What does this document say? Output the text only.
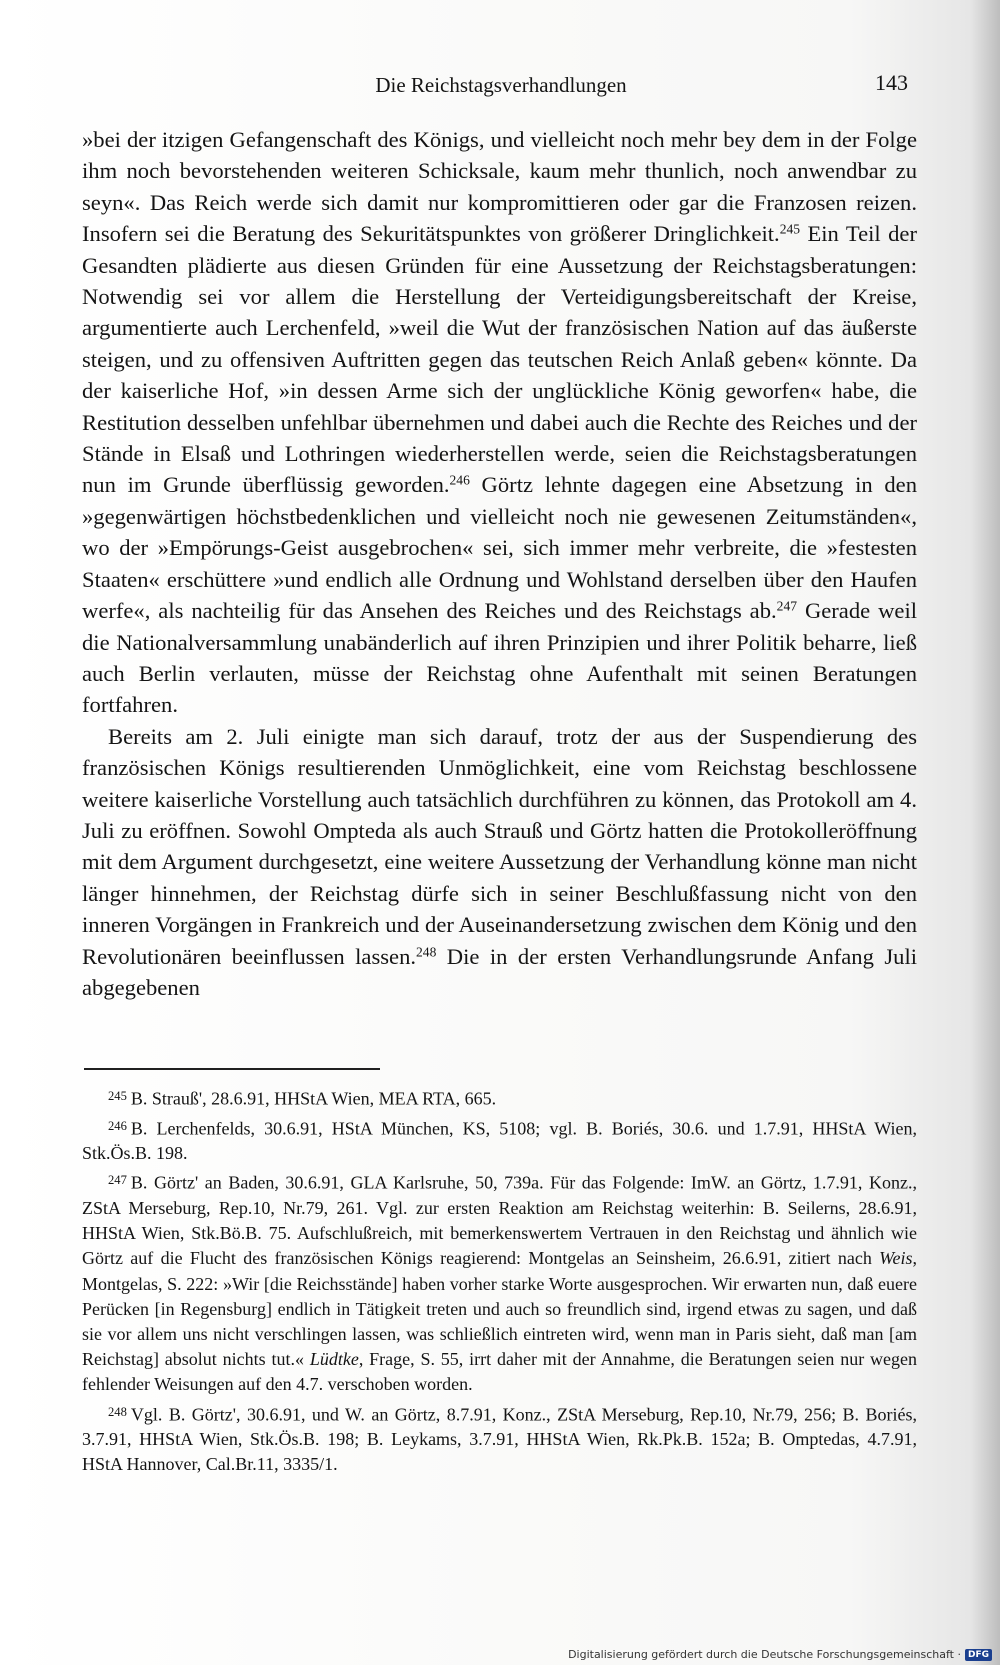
Die Reichstagsverhandlungen	143

»bei der itzigen Gefangenschaft des Königs, und vielleicht noch mehr bey dem in der Folge ihm noch bevorstehenden weiteren Schicksale, kaum mehr thunlich, noch anwendbar zu seyn«. Das Reich werde sich damit nur kompromittieren oder gar die Franzosen reizen. Insofern sei die Beratung des Sekuritätspunktes von größerer Dringlichkeit.$^{245}$ Ein Teil der Gesandten plädierte aus diesen Gründen für eine Aussetzung der Reichstagsberatungen: Notwendig sei vor allem die Herstellung der Verteidigungsbereitschaft der Kreise, argumentierte auch Lerchenfeld, »weil die Wut der französischen Nation auf das äußerste steigen, und zu offensiven Auftritten gegen das teutschen Reich Anlaß geben« könnte. Da der kaiserliche Hof, »in dessen Arme sich der unglückliche König geworfen« habe, die Restitution desselben unfehlbar übernehmen und dabei auch die Rechte des Reiches und der Stände in Elsaß und Lothringen wiederherstellen werde, seien die Reichstagsberatungen nun im Grunde überflüssig geworden.$^{246}$ Görtz lehnte dagegen eine Absetzung in den »gegenwärtigen höchstbedenklichen und vielleicht noch nie gewesenen Zeitumständen«, wo der »Empörungs-Geist ausgebrochen« sei, sich immer mehr verbreite, die »festesten Staaten« erschüttere »und endlich alle Ordnung und Wohlstand derselben über den Haufen werfe«, als nachteilig für das Ansehen des Reiches und des Reichstags ab.$^{247}$ Gerade weil die Nationalversammlung unabänderlich auf ihren Prinzipien und ihrer Politik beharre, ließ auch Berlin verlauten, müsse der Reichstag ohne Aufenthalt mit seinen Beratungen fortfahren.

Bereits am 2. Juli einigte man sich darauf, trotz der aus der Suspendierung des französischen Königs resultierenden Unmöglichkeit, eine vom Reichstag beschlossene weitere kaiserliche Vorstellung auch tatsächlich durchführen zu können, das Protokoll am 4. Juli zu eröffnen. Sowohl Ompteda als auch Strauß und Görtz hatten die Protokolleröffnung mit dem Argument durchgesetzt, eine weitere Aussetzung der Verhandlung könne man nicht länger hinnehmen, der Reichstag dürfe sich in seiner Beschlußfassung nicht von den inneren Vorgängen in Frankreich und der Auseinandersetzung zwischen dem König und den Revolutionären beeinflussen lassen.$^{248}$ Die in der ersten Verhandlungsrunde Anfang Juli abgegebenen

$^{245}$ B. Strauß', 28.6.91, HHStA Wien, MEA RTA, 665.

$^{246}$ B. Lerchenfelds, 30.6.91, HStA München, KS, 5108; vgl. B. Boriés, 30.6. und 1.7.91, HHStA Wien, Stk.Ös.B. 198.

$^{247}$ B. Görtz' an Baden, 30.6.91, GLA Karlsruhe, 50, 739a. Für das Folgende: ImW. an Görtz, 1.7.91, Konz., ZStA Merseburg, Rep.10, Nr.79, 261. Vgl. zur ersten Reaktion am Reichstag weiterhin: B. Seilerns, 28.6.91, HHStA Wien, Stk.Bö.B. 75. Aufschlußreich, mit bemerkenswertem Vertrauen in den Reichstag und ähnlich wie Görtz auf die Flucht des französischen Königs reagierend: Montgelas an Seinsheim, 26.6.91, zitiert nach Weis, Montgelas, S. 222: »Wir [die Reichsstände] haben vorher starke Worte ausgesprochen. Wir erwarten nun, daß euere Perücken [in Regensburg] endlich in Tätigkeit treten und auch so freundlich sind, irgend etwas zu sagen, und daß sie vor allem uns nicht verschlingen lassen, was schließlich eintreten wird, wenn man in Paris sieht, daß man [am Reichstag] absolut nichts tut.« Lüdtke, Frage, S. 55, irrt daher mit der Annahme, die Beratungen seien nur wegen fehlender Weisungen auf den 4.7. verschoben worden.

$^{248}$ Vgl. B. Görtz', 30.6.91, und W. an Görtz, 8.7.91, Konz., ZStA Merseburg, Rep.10, Nr.79, 256; B. Boriés, 3.7.91, HHStA Wien, Stk.Ös.B. 198; B. Leykams, 3.7.91, HHStA Wien, Rk.Pk.B. 152a; B. Omptedas, 4.7.91, HStA Hannover, Cal.Br.11, 3335/1.

Digitalisierung gefördert durch die Deutsche Forschungsgemeinschaft · DFG
